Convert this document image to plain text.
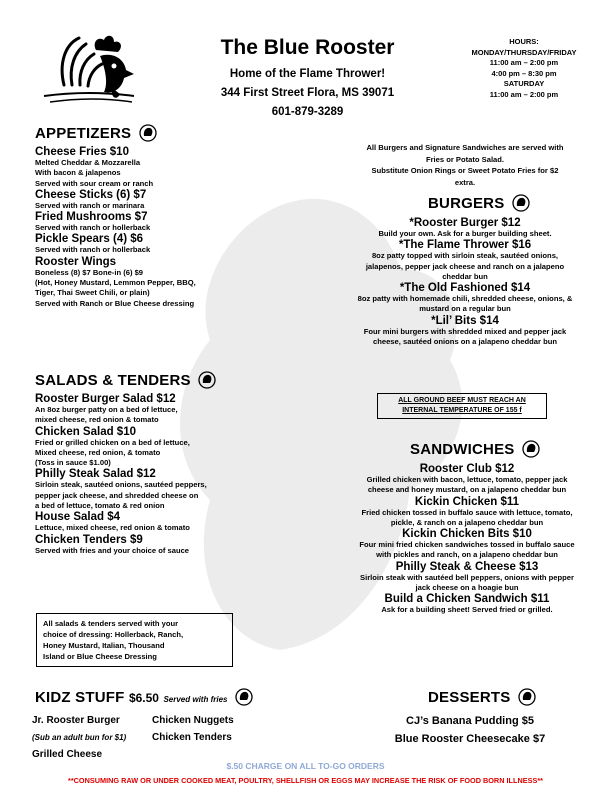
The Blue Rooster
Home of the Flame Thrower!
344 First Street Flora, MS 39071
601-879-3289
HOURS:
MONDAY/THURSDAY/FRIDAY
11:00 am – 2:00 pm
4:00 pm – 8:30 pm
SATURDAY
11:00 am – 2:00 pm
APPETIZERS
Cheese Fries $10
Melted Cheddar & Mozzarella
With bacon & jalapenos
Served with sour cream or ranch
Cheese Sticks (6) $7
Served with ranch or marinara
Fried Mushrooms $7
Served with ranch or hollerback
Pickle Spears (4) $6
Served with ranch or hollerback
Rooster Wings
Boneless (8) $7 Bone-in (6) $9
(Hot, Honey Mustard, Lemmon Pepper, BBQ,
Tiger, Thai Sweet Chili, or plain)
Served with Ranch or Blue Cheese dressing
SALADS & TENDERS
Rooster Burger Salad $12
An 8oz burger patty on a bed of lettuce,
mixed cheese, red onion & tomato
Chicken Salad $10
Fried or grilled chicken on a bed of lettuce,
Mixed cheese, red onion, & tomato
(Toss in sauce $1.00)
Philly Steak Salad $12
Sirloin steak, sautéed onions, sautéed peppers,
pepper jack cheese, and shredded cheese on
a bed of lettuce, tomato & red onion
House Salad $4
Lettuce, mixed cheese, red onion & tomato
Chicken Tenders $9
Served with fries and your choice of sauce
All salads & tenders served with your
choice of dressing: Hollerback, Ranch,
Honey Mustard, Italian, Thousand
Island or Blue Cheese Dressing
KIDZ STUFF $6.50 Served with fries
Jr. Rooster Burger
(Sub an adult bun for $1)
Grilled Cheese
Chicken Nuggets
Chicken Tenders
All Burgers and Signature Sandwiches are served with
Fries or Potato Salad.
Substitute Onion Rings or Sweet Potato Fries for $2
extra.
BURGERS
*Rooster Burger $12
Build your own. Ask for a burger building sheet.
*The Flame Thrower $16
8oz patty topped with sirloin steak, sautéed onions,
jalapenos, pepper jack cheese and ranch on a jalapeno
cheddar bun
*The Old Fashioned $14
8oz patty with homemade chili, shredded cheese, onions, &
mustard on a regular bun
*Lil’ Bits $14
Four mini burgers with shredded mixed and pepper jack
cheese, sautéed onions on a jalapeno cheddar bun
ALL GROUND BEEF MUST REACH AN
INTERNAL TEMPERATURE OF 155 f
SANDWICHES
Rooster Club $12
Grilled chicken with bacon, lettuce, tomato, pepper jack
cheese and honey mustard, on a jalapeno cheddar bun
Kickin Chicken $11
Fried chicken tossed in buffalo sauce with lettuce, tomato,
pickle, & ranch on a jalapeno cheddar bun
Kickin Chicken Bits $10
Four mini fried chicken sandwiches tossed in buffalo sauce
with pickles and ranch, on a jalapeno cheddar bun
Philly Steak & Cheese $13
Sirloin steak with sautéed bell peppers, onions with pepper
jack cheese on a hoagie bun
Build a Chicken Sandwich $11
Ask for a building sheet! Served fried or grilled.
DESSERTS
CJ’s Banana Pudding $5
Blue Rooster Cheesecake $7
$.50 CHARGE ON ALL TO-GO ORDERS
**CONSUMING RAW OR UNDER COOKED MEAT, POULTRY, SHELLFISH OR EGGS MAY INCREASE THE RISK OF FOOD BORN ILLNESS**
